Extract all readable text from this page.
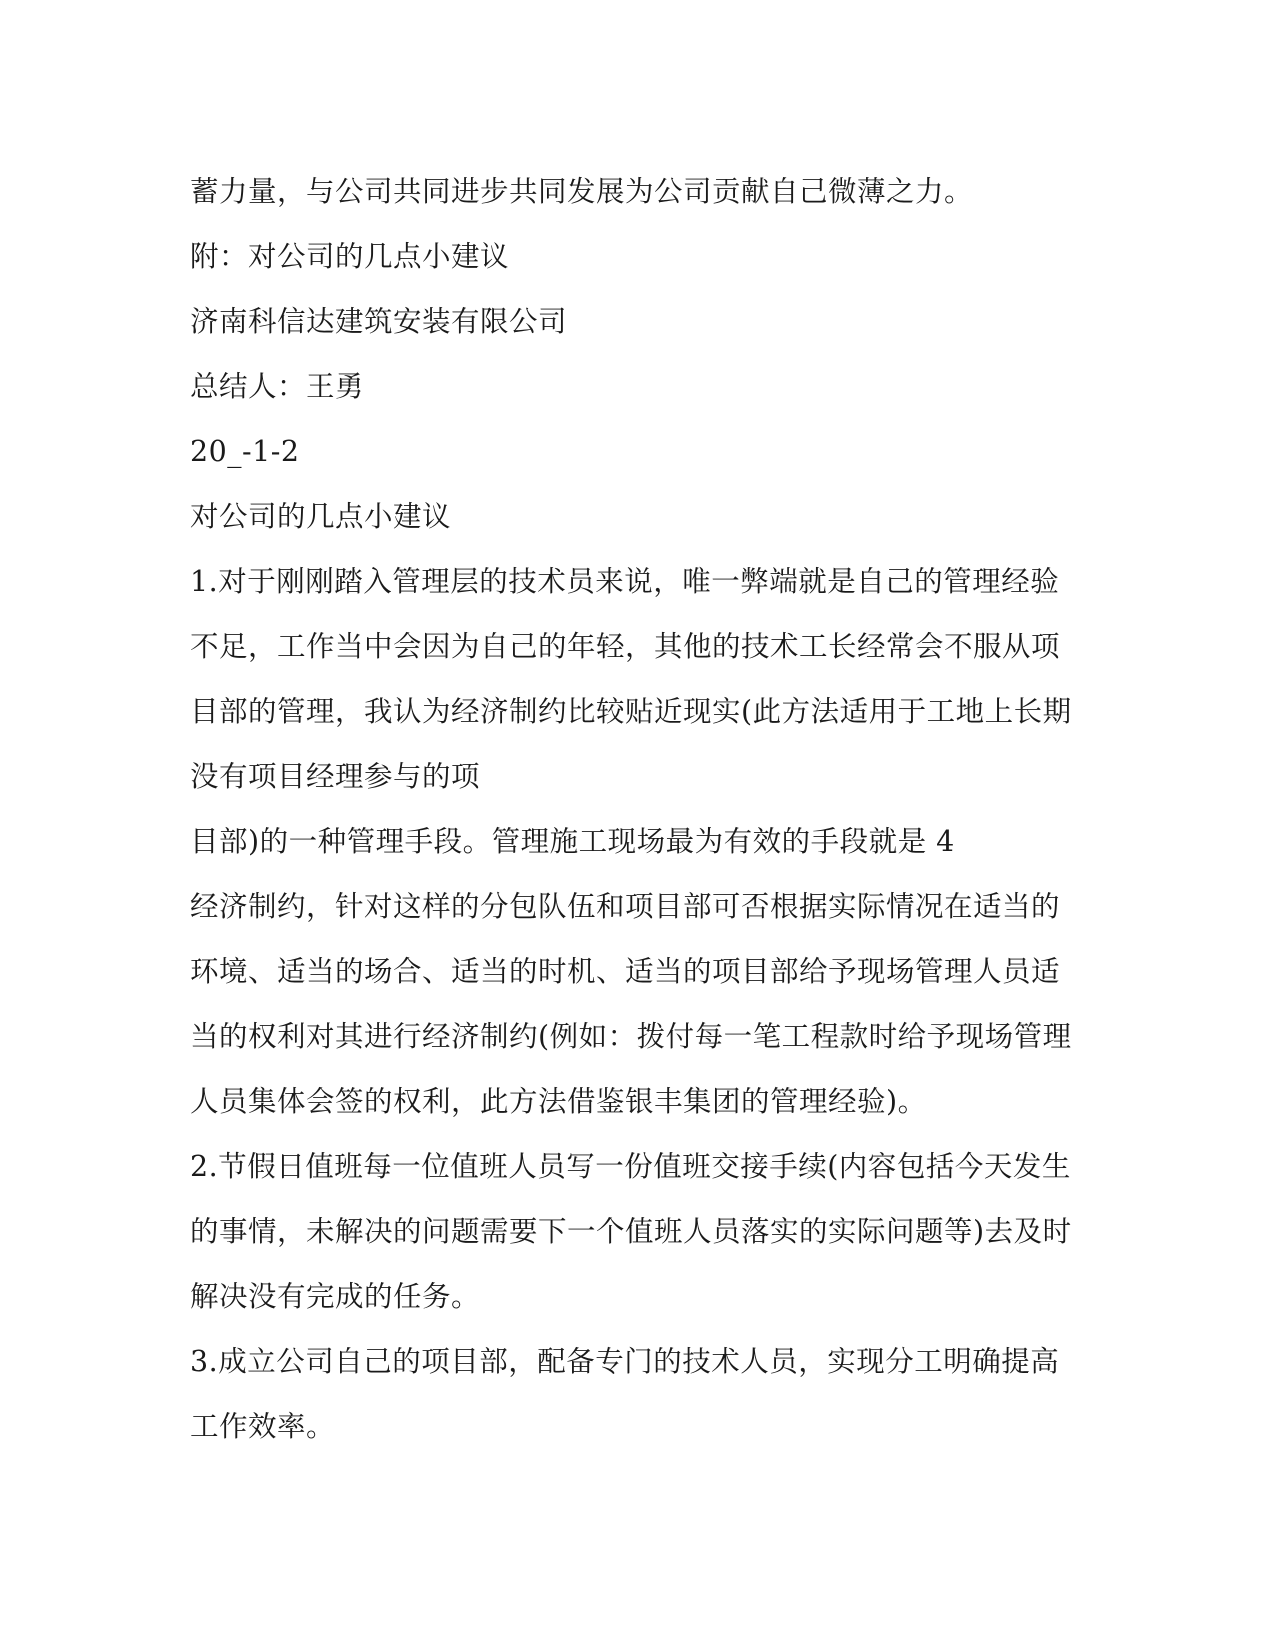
蓄力量，与公司共同进步共同发展为公司贡献自己微薄之力。
附：对公司的几点小建议
济南科信达建筑安装有限公司
总结人：王勇
20_-1-2
对公司的几点小建议
1.对于刚刚踏入管理层的技术员来说，唯一弊端就是自己的管理经验
不足，工作当中会因为自己的年轻，其他的技术工长经常会不服从项
目部的管理，我认为经济制约比较贴近现实(此方法适用于工地上长期
没有项目经理参与的项
目部)的一种管理手段。管理施工现场最为有效的手段就是 4
经济制约，针对这样的分包队伍和项目部可否根据实际情况在适当的
环境、适当的场合、适当的时机、适当的项目部给予现场管理人员适
当的权利对其进行经济制约(例如：拨付每一笔工程款时给予现场管理
人员集体会签的权利，此方法借鉴银丰集团的管理经验)。
2.节假日值班每一位值班人员写一份值班交接手续(内容包括今天发生
的事情，未解决的问题需要下一个值班人员落实的实际问题等)去及时
解决没有完成的任务。
3.成立公司自己的项目部，配备专门的技术人员，实现分工明确提高
工作效率。
